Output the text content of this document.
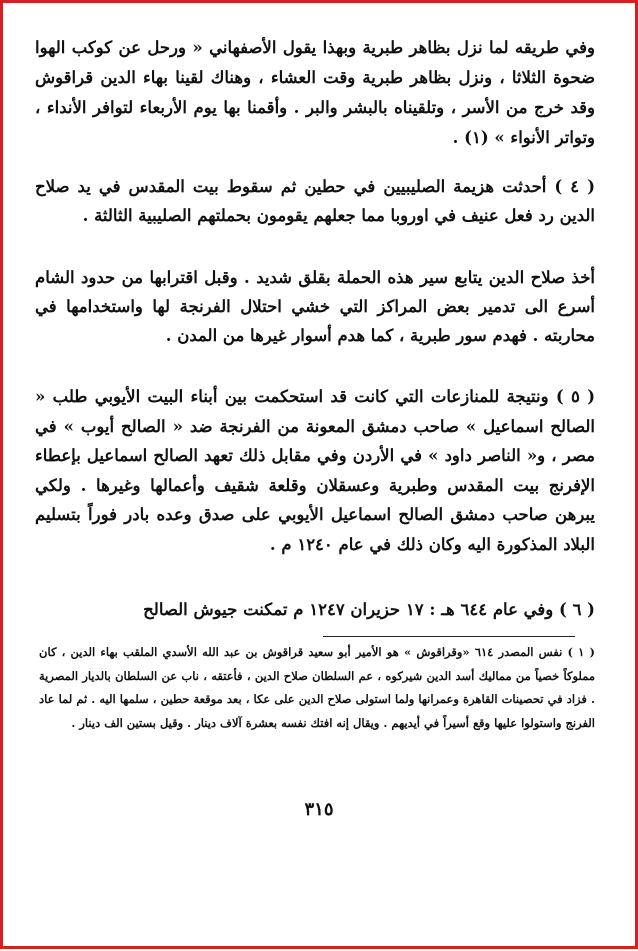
وفي طريقه لما نزل بظاهر طبرية وبهذا يقول الأصفهاني « ورحل عن كوكب الهوا ضحوة الثلاثا ، ونزل بظاهر طبرية وقت العشاء ، وهناك لقينا بهاء الدين قراقوش وقد خرج من الأسر ، وتلقيناه بالبشر والبر . وأقمنا بها يوم الأربعاء لتوافر الأنداء ، وتواتر الأنواء » (١) .

( ٤ ) أحدثت هزيمة الصليبيين في حطين ثم سقوط بيت المقدس في يد صلاح الدين رد فعل عنيف في اوروبا مما جعلهم يقومون بحملتهم الصليبية الثالثة .

أخذ صلاح الدين يتابع سير هذه الحملة بقلق شديد . وقبل اقترابها من حدود الشام أسرع الى تدمير بعض المراكز التي خشي احتلال الفرنجة لها واستخدامها في محاربته . فهدم سور طبرية ، كما هدم أسوار غيرها من المدن .

( ٥ ) ونتيجة للمنازعات التي كانت قد استحكمت بين أبناء البيت الأيوبي طلب « الصالح اسماعيل » صاحب دمشق المعونة من الفرنجة ضد « الصالح أيوب » في مصر ، و« الناصر داود » في الأردن وفي مقابل ذلك تعهد الصالح اسماعيل بإعطاء الإفرنج بيت المقدس وطبرية وعسقلان وقلعة شقيف وأعمالها وغيرها . ولكي يبرهن صاحب دمشق الصالح اسماعيل الأيوبي على صدق وعده بادر فوراً بتسليم البلاد المذكورة اليه وكان ذلك في عام ١٢٤٠ م .

( ٦ ) وفي عام ٦٤٤ هـ : ١٧ حزيران ١٢٤٧ م تمكنت جيوش الصالح

( ١ ) نفس المصدر ٦١٤ «وقراقوش » هو الأمير أبو سعيد قراقوش بن عبد الله الأسدي الملقب بهاء الدين ، كان مملوكاً خصياً من مماليك أسد الدين شيركوه ، عم السلطان صلاح الدين ، فأعتقه ، ناب عن السلطان بالديار المصرية . فزاد في تحصينات القاهرة وعمرانها ولما استولى صلاح الدين على عكا ، بعد موقعة حطين ، سلمها اليه . ثم لما عاد الفرنج واستولوا عليها وقع أسيراً في أيديهم . ويقال إنه افتك نفسه بعشرة آلاف دينار . وقيل بستين الف دينار .

٣١٥
